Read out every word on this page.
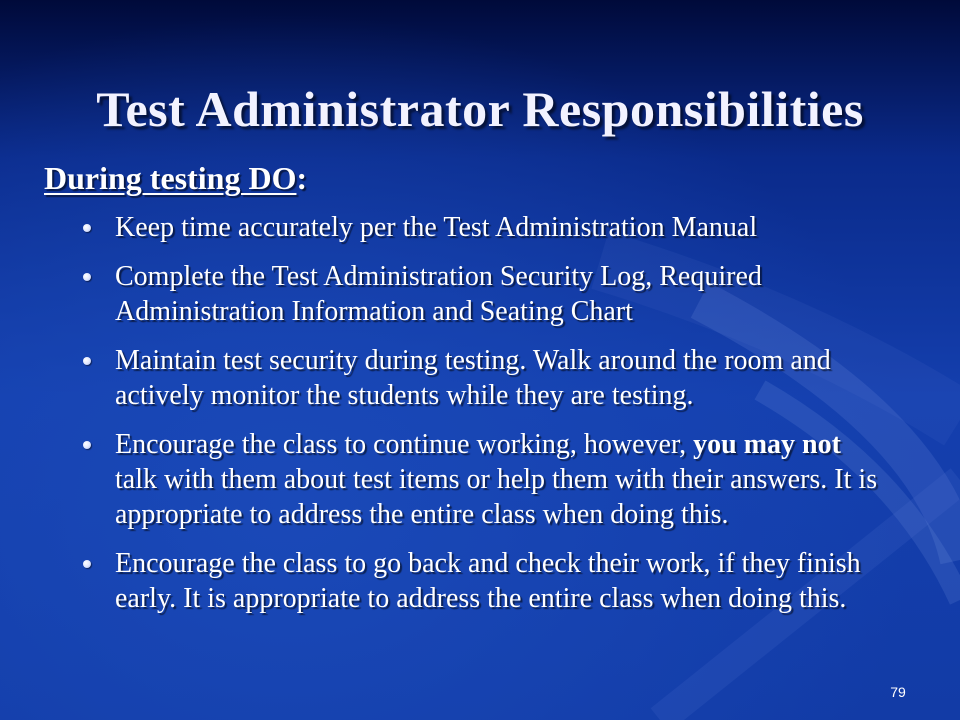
Test Administrator Responsibilities
During testing DO:
Keep time accurately per the Test Administration Manual
Complete the Test Administration Security Log, Required Administration Information and Seating Chart
Maintain test security during testing. Walk around the room and actively monitor the students while they are testing.
Encourage the class to continue working, however, you may not talk with them about test items or help them with their answers. It is appropriate to address the entire class when doing this.
Encourage the class to go back and check their work, if they finish early. It is appropriate to address the entire class when doing this.
79
